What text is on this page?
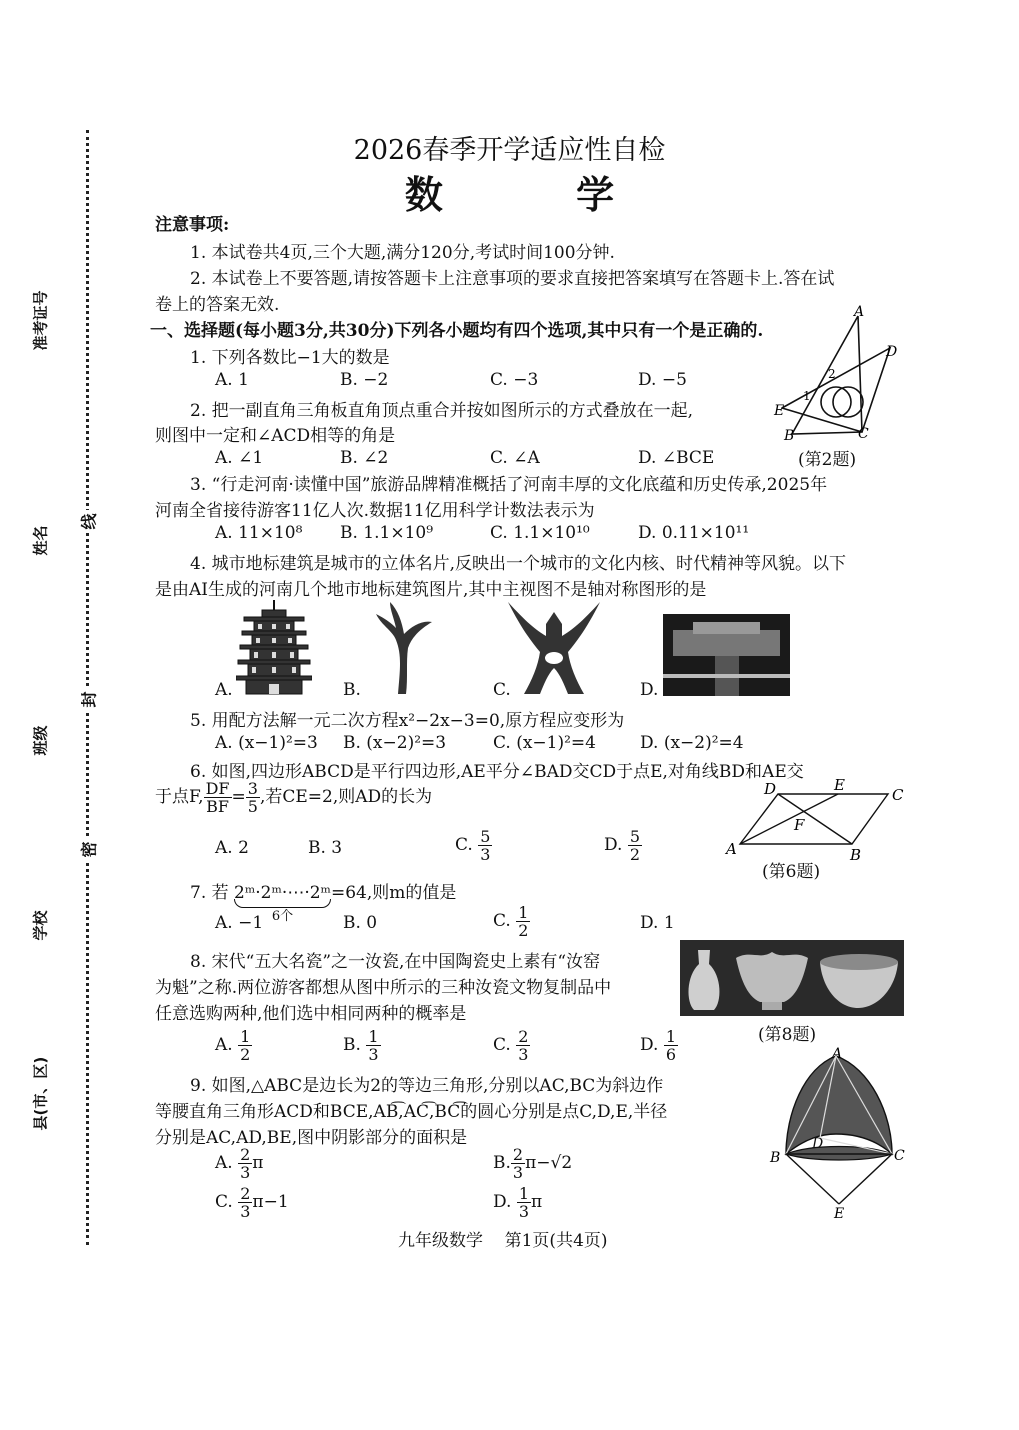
准考证号
姓名
班级
学校
县(市、区)
线
封
密
2026春季开学适应性自检
数 学
注意事项:
1. 本试卷共4页,三个大题,满分120分,考试时间100分钟.
2. 本试卷上不要答题,请按答题卡上注意事项的要求直接把答案填写在答题卡上.答在试
卷上的答案无效.
一、选择题(每小题3分,共30分)下列各小题均有四个选项,其中只有一个是正确的.
1. 下列各数比−1大的数是
A. 1	B. −2	C. −3	D. −5
2. 把一副直角三角板直角顶点重合并按如图所示的方式叠放在一起,
则图中一定和∠ACD相等的角是
A. ∠1	B. ∠2	C. ∠A	D. ∠BCE
A
D
E
B	C
1
2
(第2题)
3. “行走河南·读懂中国”旅游品牌精准概括了河南丰厚的文化底蕴和历史传承,2025年
河南全省接待游客11亿人次.数据11亿用科学计数法表示为
A. 11×10⁸ B. 1.1×10⁹	C. 1.1×10¹⁰	D. 0.11×10¹¹
4. 城市地标建筑是城市的立体名片,反映出一个城市的文化内核、时代精神等风貌。以下
是由AI生成的河南几个地市地标建筑图片,其中主视图不是轴对称图形的是
A.	B.	C.	D.
5. 用配方法解一元二次方程x²−2x−3=0,原方程应变形为
A. (x−1)²=3 B. (x−2)²=3	C. (x−1)²=4	D. (x−2)²=4
6. 如图,四边形ABCD是平行四边形,AE平分∠BAD交CD于点E,对角线BD和AE交
于点F, $\frac{DF}{BF} = \frac{3}{5}$ ,若CE=2,则AD的长为
A. 2	B. 3	C. $\frac{5}{3}$	D. $\frac{5}{2}$
D	E
C
F
A	B
(第6题)
7. 若 2ᵐ·2ᵐ·⋯·2ᵐ
6个
=64,则m的值是
A. −1	B. 0	C. $\frac{1}{2}$	D. 1
8. 宋代“五大名瓷”之一汝瓷,在中国陶瓷史上素有“汝窑
为魁”之称.两位游客都想从图中所示的三种汝瓷文物复制品中
任意选购两种,他们选中相同两种的概率是
A. $\frac{1}{2}$	B. $\frac{1}{3}$	C. $\frac{2}{3}$	D. $\frac{1}{6}$	(第8题)
9. 如图,△ABC是边长为2的等边三角形,分别以AC,BC为斜边作
等腰直角三角形ACD和BCE,AB͡,AC͡,BC͡的圆心分别是点C,D,E,半径
分别是AC,AD,BE,图中阴影部分的面积是
A. $\frac{2}{3}$ π	B. $\frac{2}{3} \pi-√2$
C. $\frac{2}{3} \pi-1$	D. $\frac{1}{3}$ π
A
B	C
D
E
九年级数学    第1页(共4页)
